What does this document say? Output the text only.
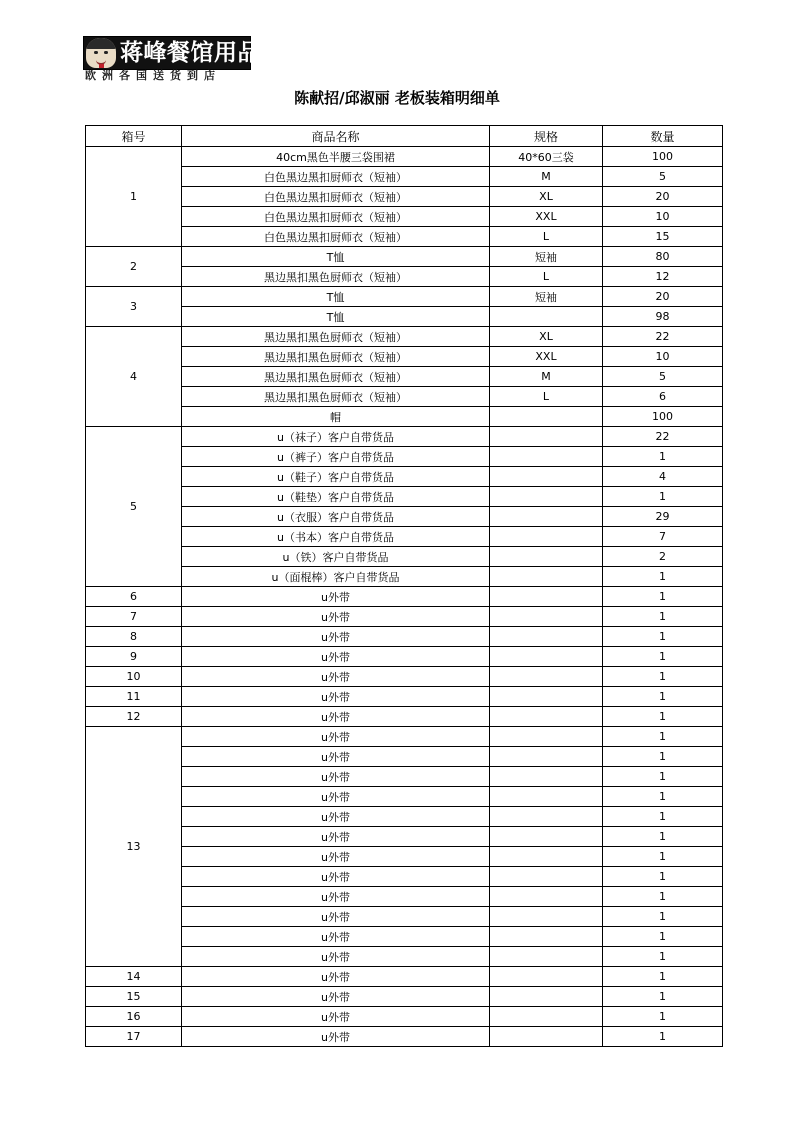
蒋峰餐馆用品
欧洲各国送货到店
陈献招/邱淑丽 老板装箱明细单
箱号	商品名称	规格	数量
1	40cm黑色半腰三袋围裙	40*60三袋	100
	白色黑边黑扣厨师衣（短袖）	M	5
	白色黑边黑扣厨师衣（短袖）	XL	20
	白色黑边黑扣厨师衣（短袖）	XXL	10
	白色黑边黑扣厨师衣（短袖）	L	15
2	T恤	短袖	80
	黑边黑扣黑色厨师衣（短袖）	L	12
3	T恤	短袖	20
	T恤		98
4	黑边黑扣黑色厨师衣（短袖）	XL	22
	黑边黑扣黑色厨师衣（短袖）	XXL	10
	黑边黑扣黑色厨师衣（短袖）	M	5
	黑边黑扣黑色厨师衣（短袖）	L	6
	帽		100
5	u（袜子）客户自带货品		22
	u（裤子）客户自带货品		1
	u（鞋子）客户自带货品		4
	u（鞋垫）客户自带货品		1
	u（衣服）客户自带货品		29
	u（书本）客户自带货品		7
	u（铁）客户自带货品		2
	u（面棍棒）客户自带货品		1
6	u外带		1
7	u外带		1
8	u外带		1
9	u外带		1
10	u外带		1
11	u外带		1
12	u外带		1
13	u外带		1
	u外带		1
	u外带		1
	u外带		1
	u外带		1
	u外带		1
	u外带		1
	u外带		1
	u外带		1
	u外带		1
	u外带		1
	u外带		1
14	u外带		1
15	u外带		1
16	u外带		1
17	u外带		1
